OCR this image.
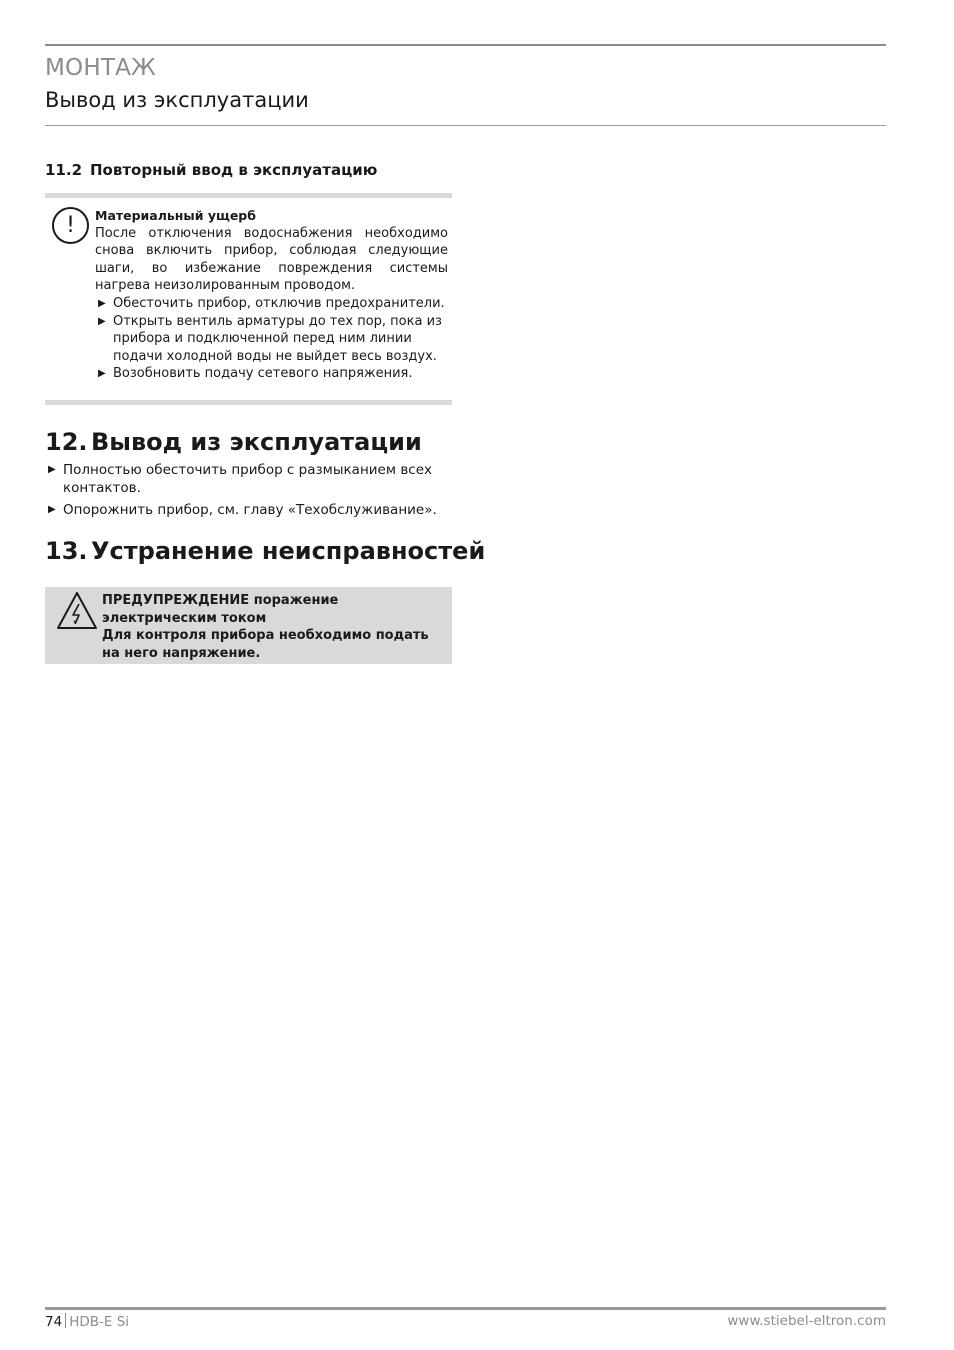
МОНТАЖ
Вывод из эксплуатации
11.2 Повторный ввод в эксплуатацию
!	Материальный ущерб
После отключения водоснабжения необходимо снова включить прибор, соблюдая следующие шаги, во избежание повреждения системы нагрева неизолированным проводом.
▶ Обесточить прибор, отключив предохранители.
▶ Открыть вентиль арматуры до тех пор, пока из прибора и подключенной перед ним линии подачи холодной воды не выйдет весь воздух.
▶ Возобновить подачу сетевого напряжения.
12. Вывод из эксплуатации
▶ Полностью обесточить прибор с размыканием всех контактов.
▶ Опорожнить прибор, см. главу «Техобслуживание».
13. Устранение неисправностей
ПРЕДУПРЕЖДЕНИЕ поражение электрическим током
Для контроля прибора необходимо подать на него напряжение.
74 HDB-E Si	www.stiebel-eltron.com
